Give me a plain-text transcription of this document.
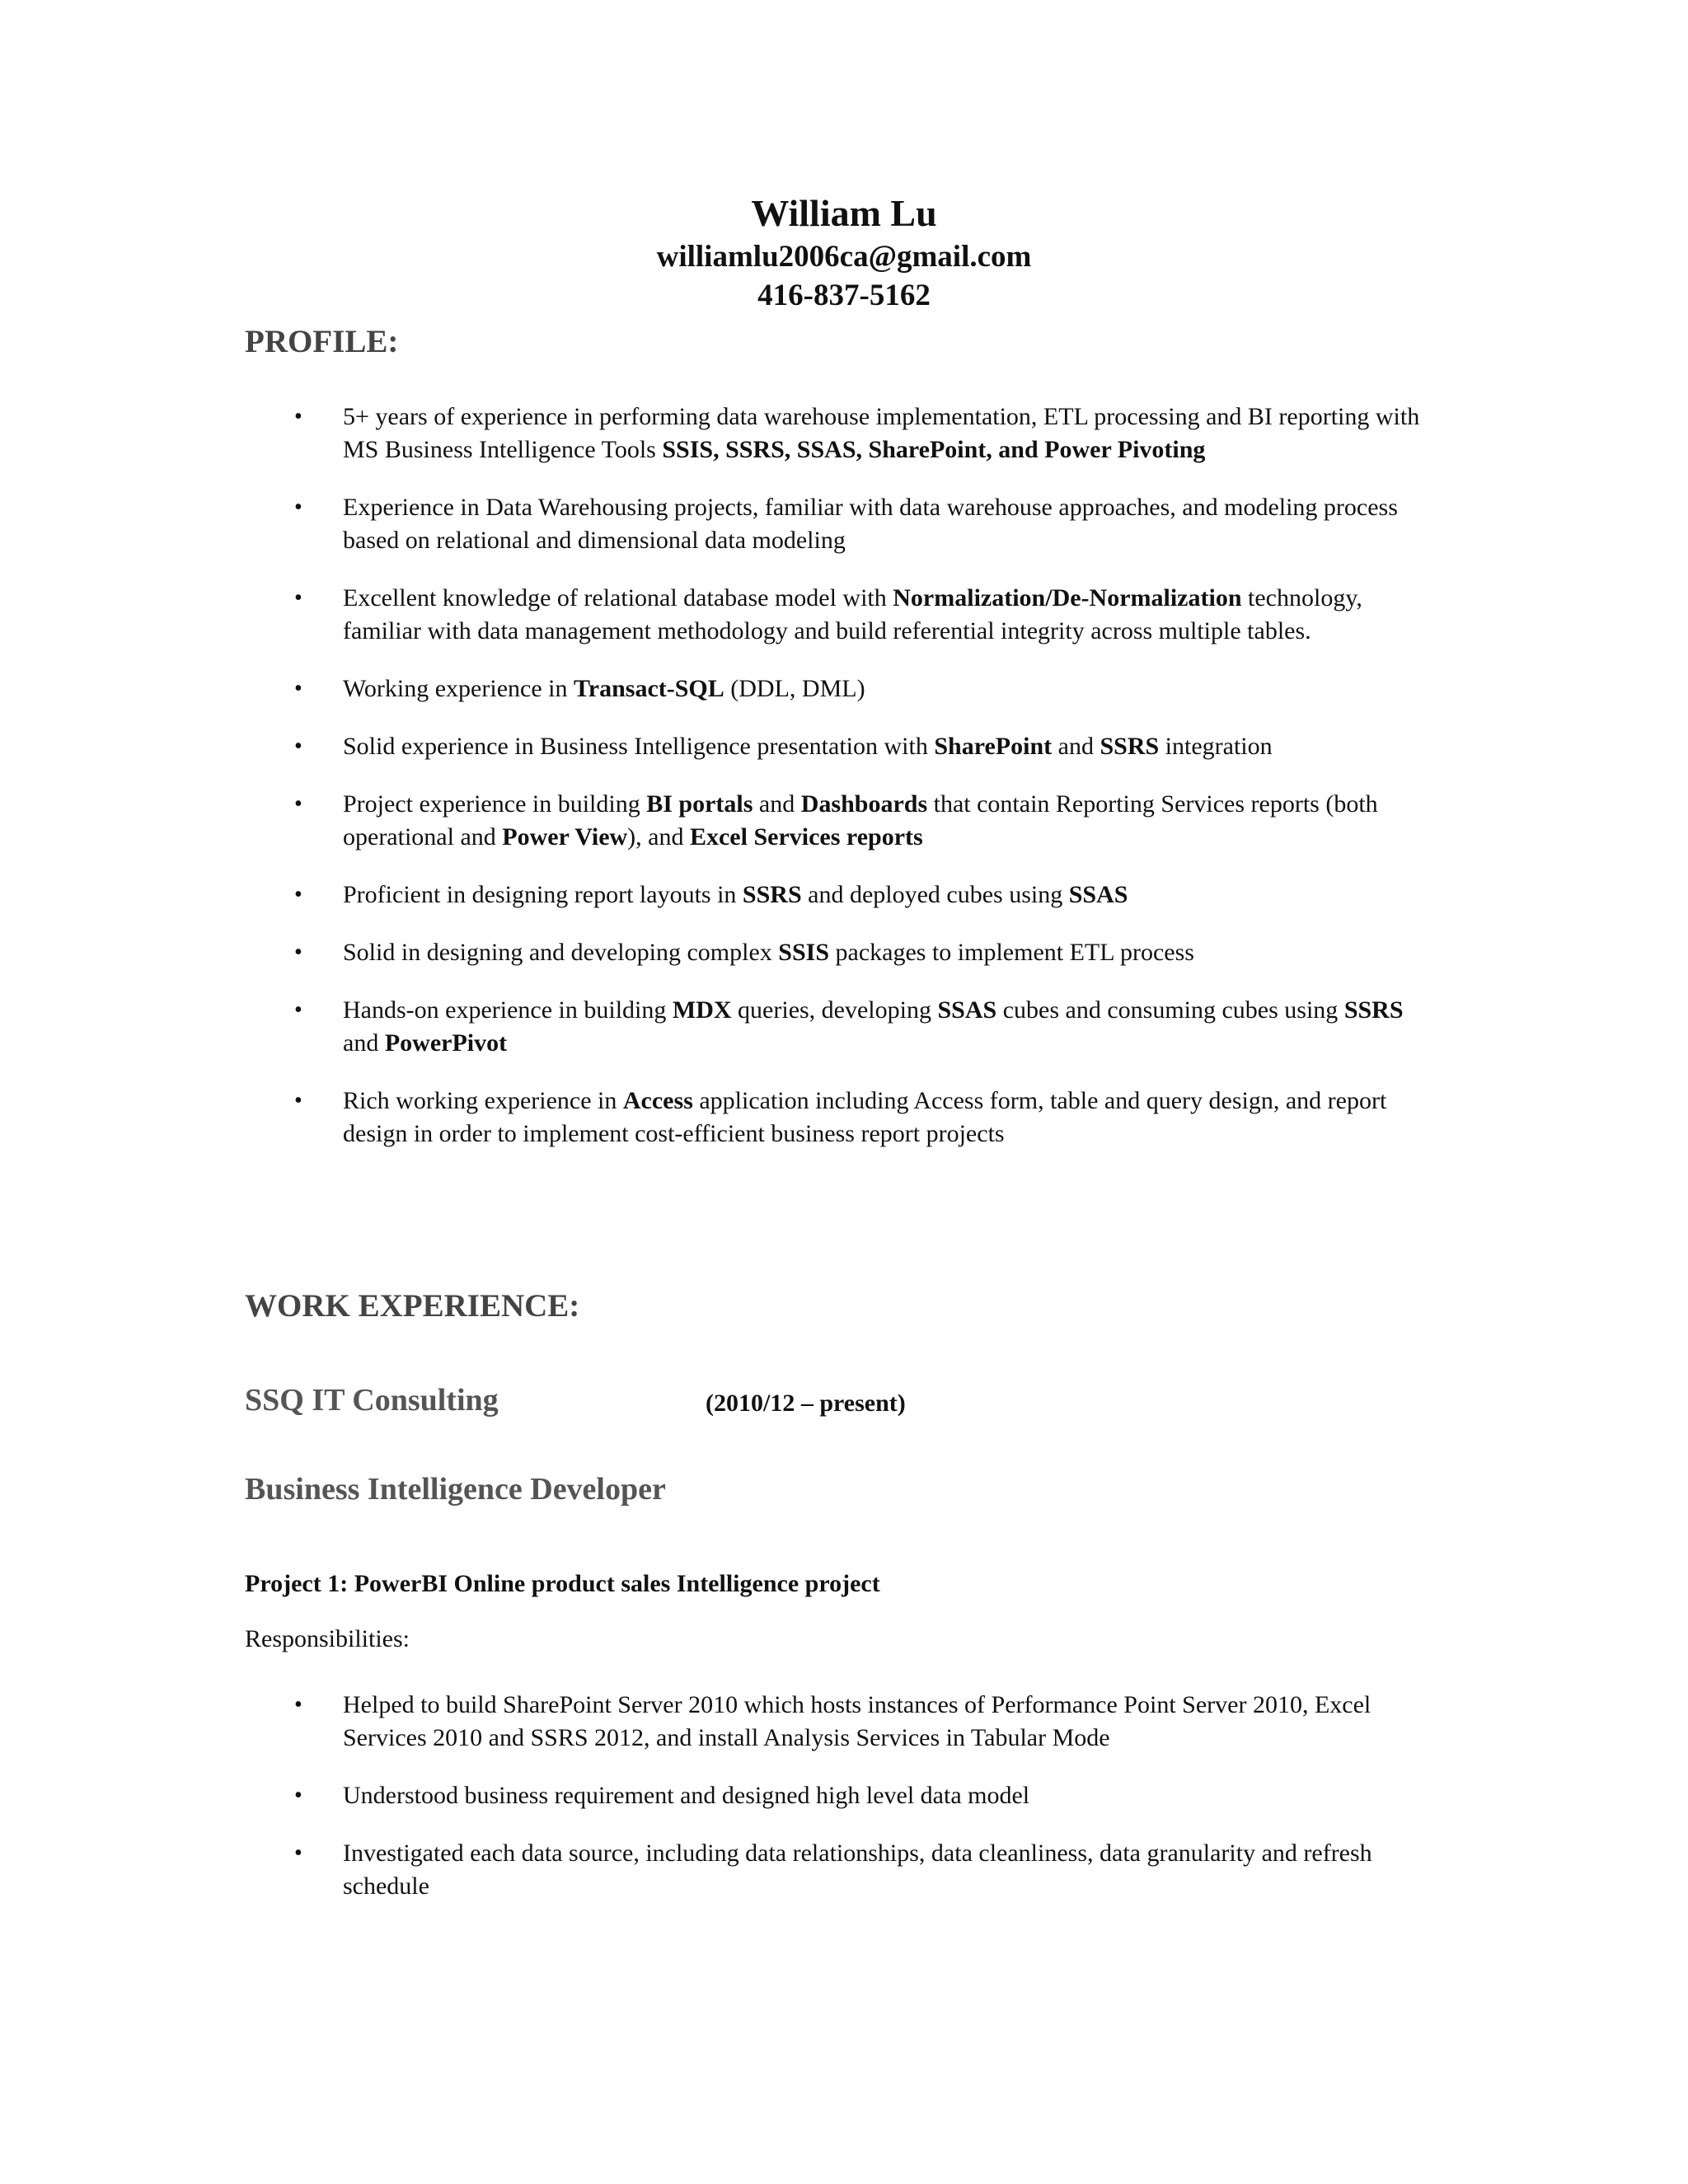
William Lu
williamlu2006ca@gmail.com
416-837-5162
PROFILE:
• 5+ years of experience in performing data warehouse implementation, ETL processing and BI reporting with MS Business Intelligence Tools SSIS, SSRS, SSAS, SharePoint, and Power Pivoting
• Experience in Data Warehousing projects, familiar with data warehouse approaches, and modeling process based on relational and dimensional data modeling
• Excellent knowledge of relational database model with Normalization/De-Normalization technology, familiar with data management methodology and build referential integrity across multiple tables.
• Working experience in Transact-SQL (DDL, DML)
• Solid experience in Business Intelligence presentation with SharePoint and SSRS integration
• Project experience in building BI portals and Dashboards that contain Reporting Services reports (both operational and Power View), and Excel Services reports
• Proficient in designing report layouts in SSRS and deployed cubes using SSAS
• Solid in designing and developing complex SSIS packages to implement ETL process
• Hands-on experience in building MDX queries, developing SSAS cubes and consuming cubes using SSRS and PowerPivot
• Rich working experience in Access application including Access form, table and query design, and report design in order to implement cost-efficient business report projects
WORK EXPERIENCE:
SSQ IT Consulting	(2010/12 – present)
Business Intelligence Developer
Project 1: PowerBI Online product sales Intelligence project
Responsibilities:
• Helped to build SharePoint Server 2010 which hosts instances of Performance Point Server 2010, Excel Services 2010 and SSRS 2012, and install Analysis Services in Tabular Mode
• Understood business requirement and designed high level data model
• Investigated each data source, including data relationships, data cleanliness, data granularity and refresh schedule
